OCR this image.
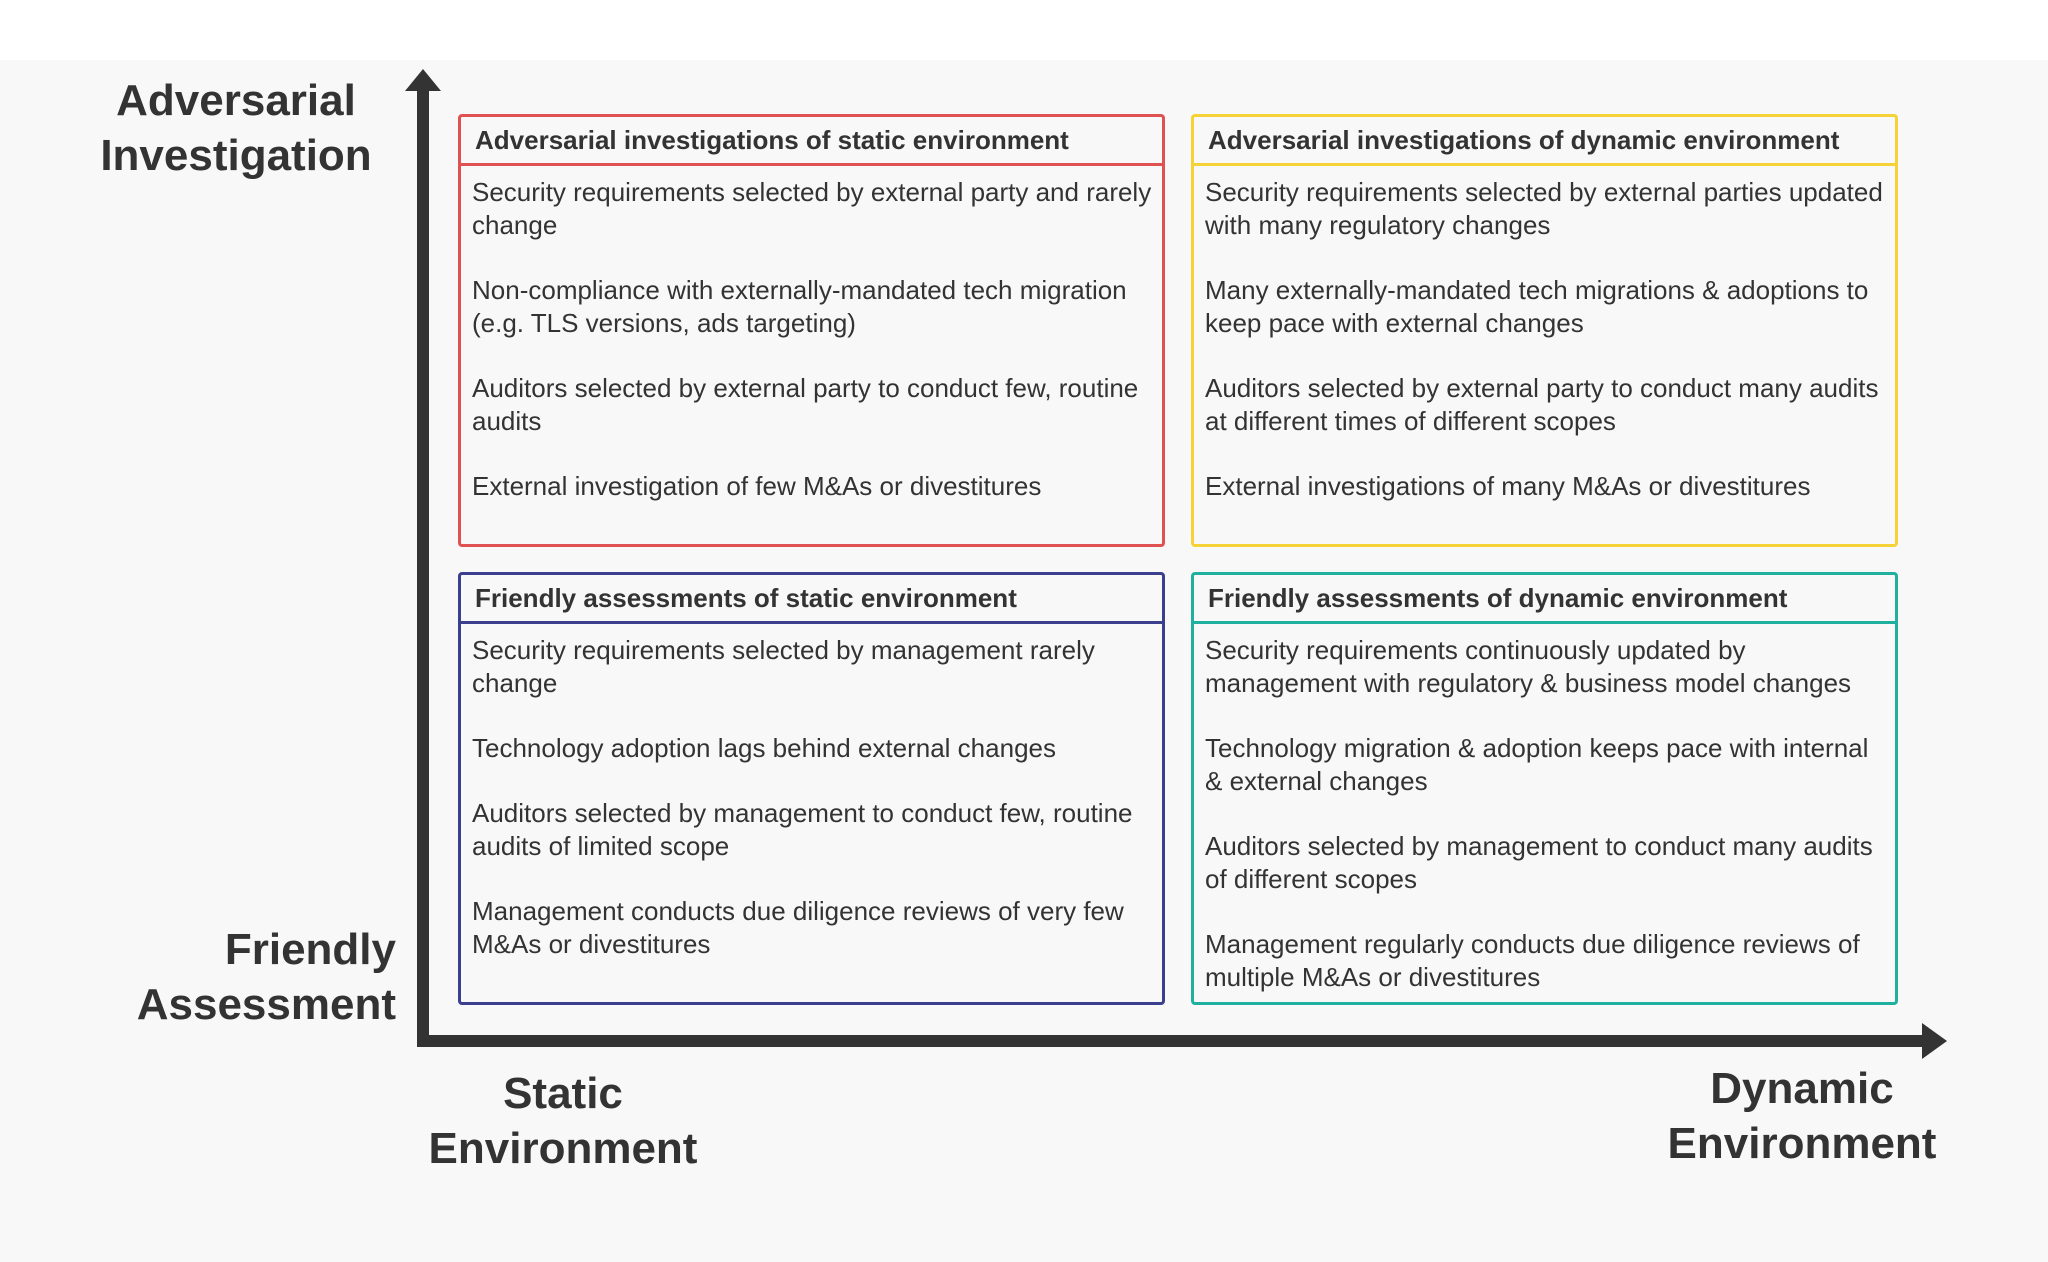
Adversarial
Investigation
Friendly
Assessment
Static
Environment
Dynamic
Environment
Adversarial investigations of static environment
Security requirements selected by external party and rarely change
Non-compliance with externally-mandated tech migration (e.g. TLS versions, ads targeting)
Auditors selected by external party to conduct few, routine audits
External investigation of few M&As or divestitures
Adversarial investigations of dynamic environment
Security requirements selected by external parties updated with many regulatory changes
Many externally-mandated tech migrations & adoptions to keep pace with external changes
Auditors selected by external party to conduct many audits at different times of different scopes
External investigations of many M&As or divestitures
Friendly assessments of static environment
Security requirements selected by management rarely change
Technology adoption lags behind external changes
Auditors selected by management to conduct few, routine audits of limited scope
Management conducts due diligence reviews of very few M&As or divestitures
Friendly assessments of dynamic environment
Security requirements continuously updated by management with regulatory & business model changes
Technology migration & adoption keeps pace with internal & external changes
Auditors selected by management to conduct many audits of different scopes
Management regularly conducts due diligence reviews of multiple M&As or divestitures
